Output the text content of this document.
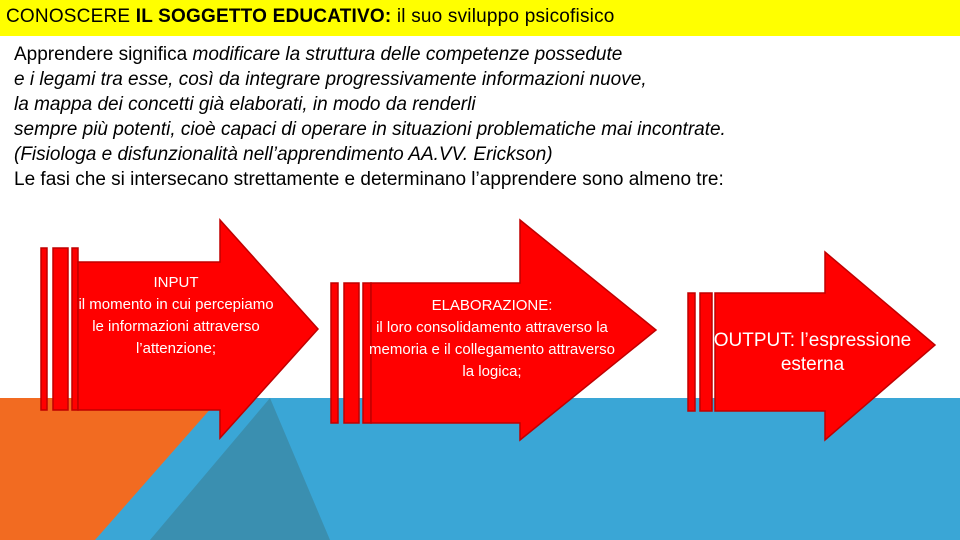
CONOSCERE IL SOGGETTO EDUCATIVO: il suo sviluppo psicofisico
Apprendere significa modificare la struttura delle competenze possedute
e i legami tra esse, così da integrare progressivamente informazioni nuove,
la mappa dei concetti già elaborati, in modo da renderli
sempre più potenti, cioè capaci di operare in situazioni problematiche mai incontrate.
(Fisiologa e disfunzionalità nell’apprendimento AA.VV. Erickson)
Le fasi che si intersecano strettamente e determinano l’apprendere sono almeno tre:
INPUT
il momento in cui percepiamo
le informazioni attraverso
l’attenzione;
ELABORAZIONE:
il loro consolidamento attraverso la
memoria e il collegamento attraverso
la logica;
OUTPUT: l’espressione
esterna
